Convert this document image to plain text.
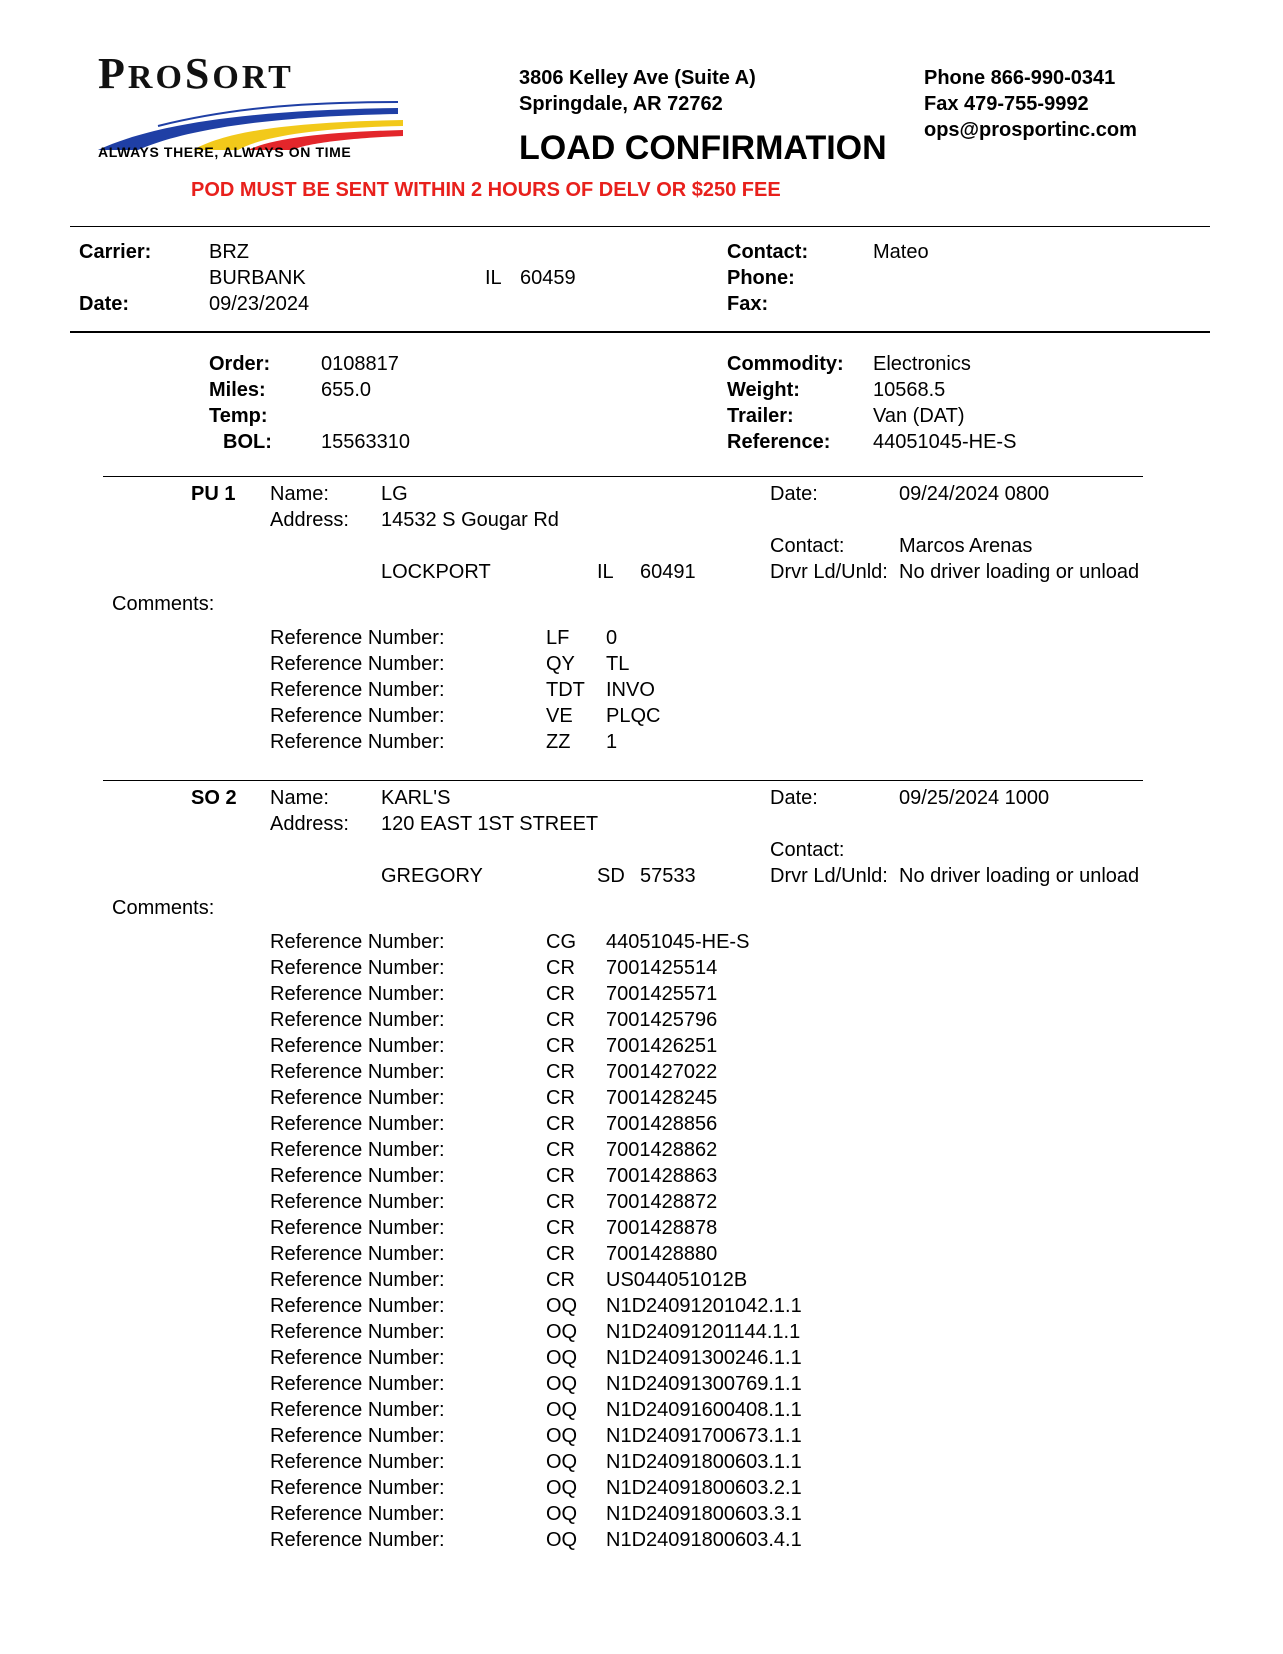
PROSORT
ALWAYS THERE, ALWAYS ON TIME
3806 Kelley Ave (Suite A)
Springdale, AR 72762
LOAD CONFIRMATION
Phone 866-990-0341
Fax 479-755-9992
ops@prosportinc.com
POD MUST BE SENT WITHIN 2 HOURS OF DELV OR $250 FEE
Carrier:	BRZ
BURBANK	IL 60459
Date:	09/23/2024
Contact:	Mateo
Phone:
Fax:
Order:	0108817
Miles:	655.0
Temp:
BOL: 15563310
Commodity: Electronics
Weight:	10568.5
Trailer:	Van (DAT)
Reference: 44051045-HE-S
PU 1 Name:	LG
Address: 14532 S Gougar Rd
LOCKPORT	IL 60491
Date:	09/24/2024 0800
Contact:	Marcos Arenas
Drvr Ld/Unld: No driver loading or unload
Comments:
Reference Number:	LF 0
Reference Number:	QY TL
Reference Number:	TDT INVO
Reference Number:	VE PLQC
Reference Number:	ZZ 1
SO 2 Name:	KARL'S
Address: 120 EAST 1ST STREET
GREGORY	SD 57533
Date:	09/25/2024 1000
Contact:
Drvr Ld/Unld: No driver loading or unload
Comments:
Reference Number:	CG 44051045-HE-S
Reference Number:	CR 7001425514
Reference Number:	CR 7001425571
Reference Number:	CR 7001425796
Reference Number:	CR 7001426251
Reference Number:	CR 7001427022
Reference Number:	CR 7001428245
Reference Number:	CR 7001428856
Reference Number:	CR 7001428862
Reference Number:	CR 7001428863
Reference Number:	CR 7001428872
Reference Number:	CR 7001428878
Reference Number:	CR 7001428880
Reference Number:	CR US044051012B
Reference Number:	OQ N1D24091201042.1.1
Reference Number:	OQ N1D24091201144.1.1
Reference Number:	OQ N1D24091300246.1.1
Reference Number:	OQ N1D24091300769.1.1
Reference Number:	OQ N1D24091600408.1.1
Reference Number:	OQ N1D24091700673.1.1
Reference Number:	OQ N1D24091800603.1.1
Reference Number:	OQ N1D24091800603.2.1
Reference Number:	OQ N1D24091800603.3.1
Reference Number:	OQ N1D24091800603.4.1
